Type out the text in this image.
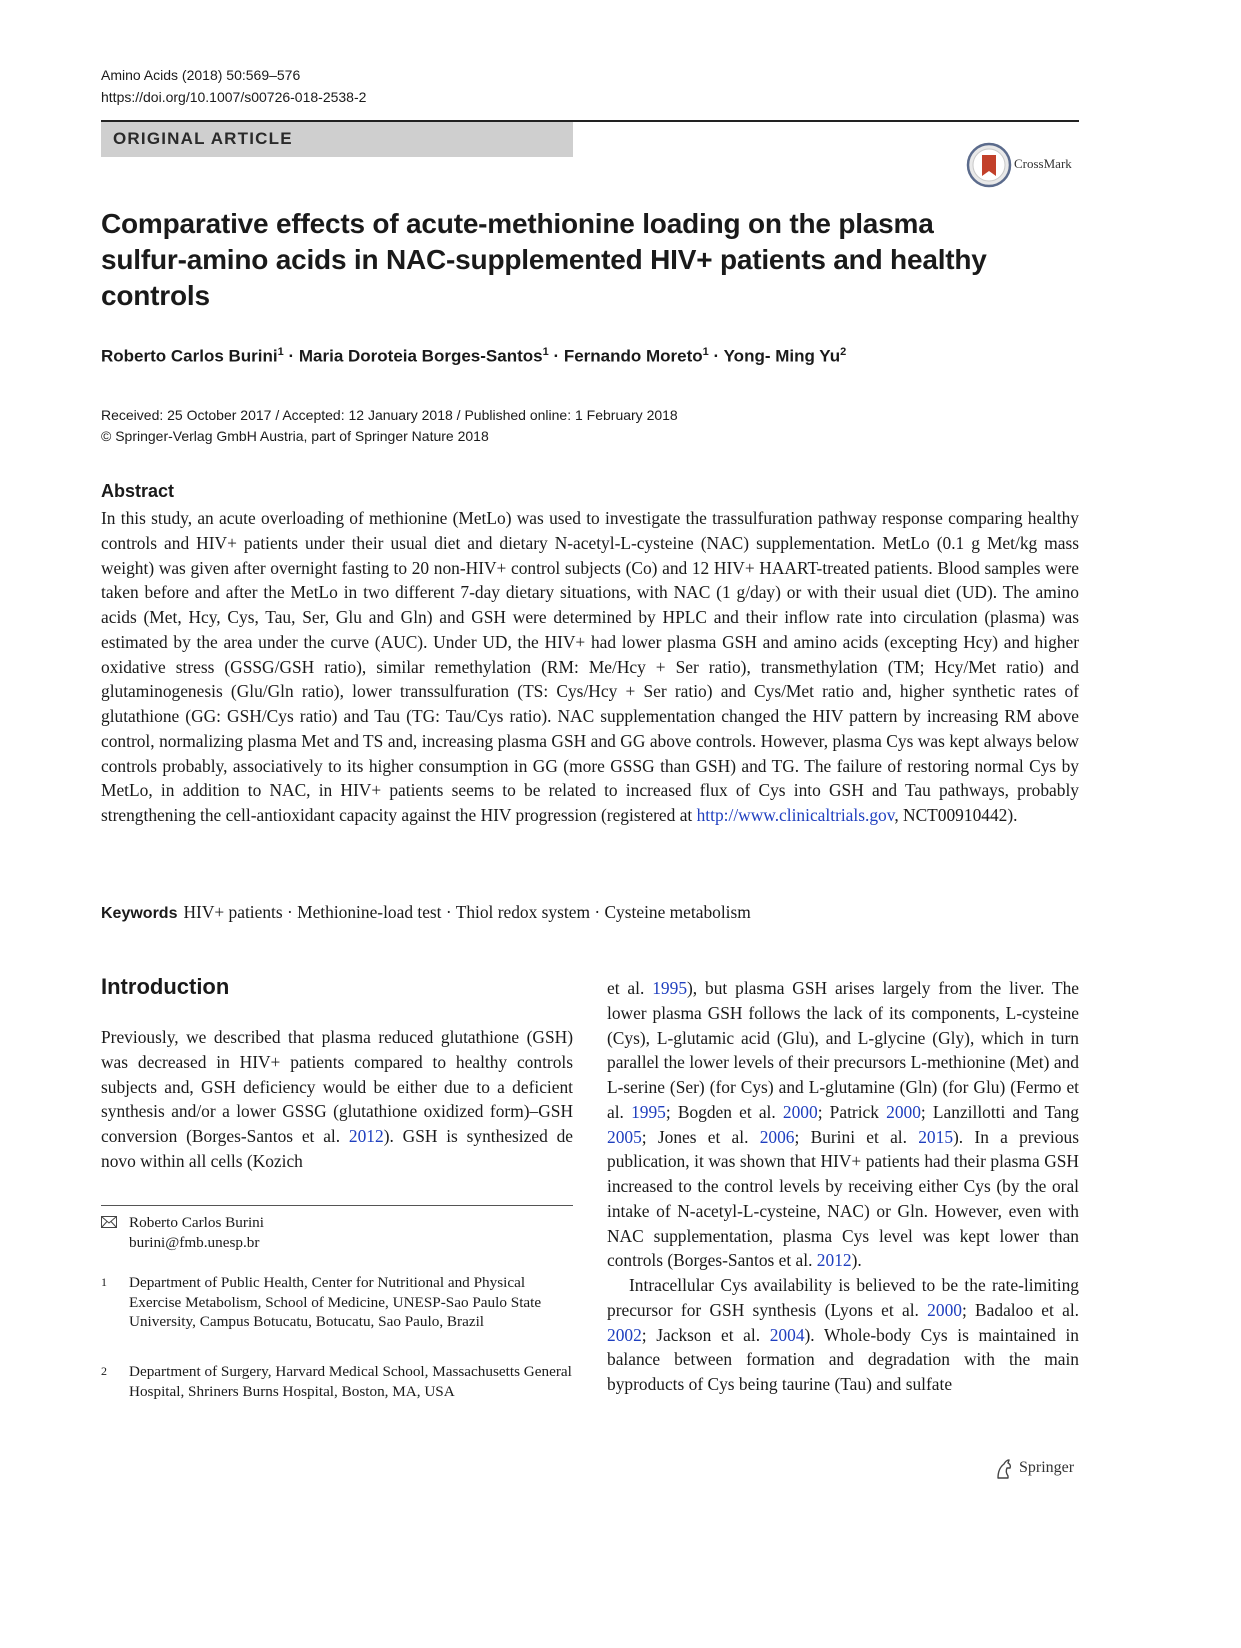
Amino Acids (2018) 50:569–576
https://doi.org/10.1007/s00726-018-2538-2
ORIGINAL ARTICLE
CrossMark
Comparative effects of acute-methionine loading on the plasma sulfur-amino acids in NAC-supplemented HIV+ patients and healthy controls
Roberto Carlos Burini$^1$ · Maria Doroteia Borges-Santos$^1$ · Fernando Moreto$^1$ · Yong- Ming Yu$^2$
Received: 25 October 2017 / Accepted: 12 January 2018 / Published online: 1 February 2018
© Springer-Verlag GmbH Austria, part of Springer Nature 2018
Abstract
In this study, an acute overloading of methionine (MetLo) was used to investigate the trassulfuration pathway response comparing healthy controls and HIV+ patients under their usual diet and dietary N-acetyl-L-cysteine (NAC) supplementation. MetLo (0.1 g Met/kg mass weight) was given after overnight fasting to 20 non-HIV+ control subjects (Co) and 12 HIV+ HAART-treated patients. Blood samples were taken before and after the MetLo in two different 7-day dietary situations, with NAC (1 g/day) or with their usual diet (UD). The amino acids (Met, Hcy, Cys, Tau, Ser, Glu and Gln) and GSH were determined by HPLC and their inflow rate into circulation (plasma) was estimated by the area under the curve (AUC). Under UD, the HIV+ had lower plasma GSH and amino acids (excepting Hcy) and higher oxidative stress (GSSG/GSH ratio), similar remethylation (RM: Me/Hcy + Ser ratio), transmethylation (TM; Hcy/Met ratio) and glutaminogenesis (Glu/Gln ratio), lower transsulfuration (TS: Cys/Hcy + Ser ratio) and Cys/Met ratio and, higher synthetic rates of glutathione (GG: GSH/Cys ratio) and Tau (TG: Tau/Cys ratio). NAC supplementation changed the HIV pattern by increasing RM above control, normalizing plasma Met and TS and, increasing plasma GSH and GG above controls. However, plasma Cys was kept always below controls probably, associatively to its higher consumption in GG (more GSSG than GSH) and TG. The failure of restoring normal Cys by MetLo, in addition to NAC, in HIV+ patients seems to be related to increased flux of Cys into GSH and Tau pathways, probably strengthening the cell-antioxidant capacity against the HIV progression (registered at http://www.clinicaltrials.gov, NCT00910442).
Keywords HIV+ patients · Methionine-load test · Thiol redox system · Cysteine metabolism
Introduction
Previously, we described that plasma reduced glutathione (GSH) was decreased in HIV+ patients compared to healthy controls subjects and, GSH deficiency would be either due to a deficient synthesis and/or a lower GSSG (glutathione oxidized form)–GSH conversion (Borges-Santos et al. 2012). GSH is synthesized de novo within all cells (Kozich

et al. 1995), but plasma GSH arises largely from the liver. The lower plasma GSH follows the lack of its components, L-cysteine (Cys), L-glutamic acid (Glu), and L-glycine (Gly), which in turn parallel the lower levels of their precursors L-methionine (Met) and L-serine (Ser) (for Cys) and L-glutamine (Gln) (for Glu) (Fermo et al. 1995; Bogden et al. 2000; Patrick 2000; Lanzillotti and Tang 2005; Jones et al. 2006; Burini et al. 2015). In a previous publication, it was shown that HIV+ patients had their plasma GSH increased to the control levels by receiving either Cys (by the oral intake of N-acetyl-L-cysteine, NAC) or Gln. However, even with NAC supplementation, plasma Cys level was kept lower than controls (Borges-Santos et al. 2012).

Intracellular Cys availability is believed to be the rate-limiting precursor for GSH synthesis (Lyons et al. 2000; Badaloo et al. 2002; Jackson et al. 2004). Whole-body Cys is maintained in balance between formation and degradation with the main byproducts of Cys being taurine (Tau) and sulfate

Roberto Carlos Burini
burini@fmb.unesp.br
1 Department of Public Health, Center for Nutritional and Physical Exercise Metabolism, School of Medicine, UNESP-Sao Paulo State University, Campus Botucatu, Botucatu, Sao Paulo, Brazil
2 Department of Surgery, Harvard Medical School, Massachusetts General Hospital, Shriners Burns Hospital, Boston, MA, USA
Springer
